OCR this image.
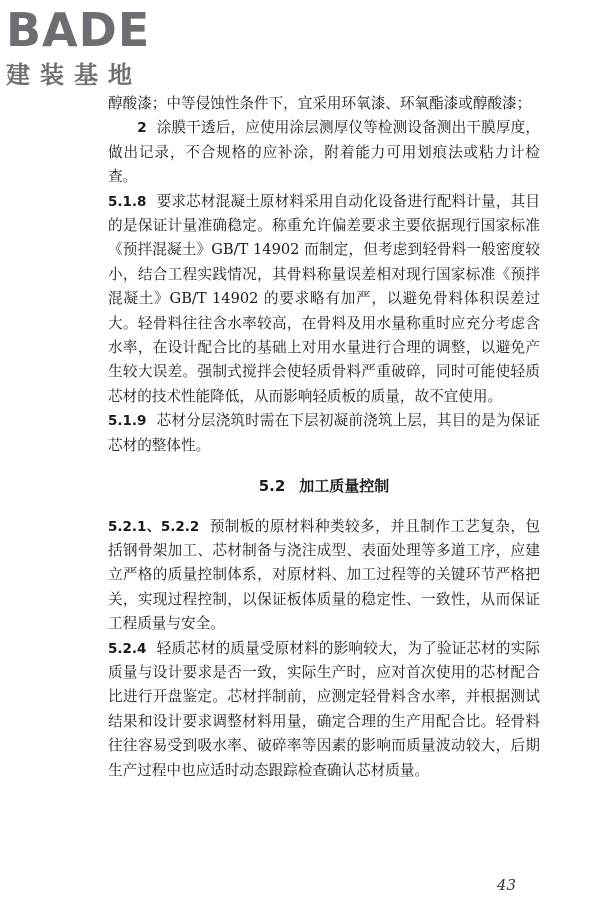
BADE
建装基地

醇酸漆；中等侵蚀性条件下，宜采用环氧漆、环氧酯漆或醇酸漆；

2 涂膜干透后，应使用涂层测厚仪等检测设备测出干膜厚度，做出记录，不合规格的应补涂，附着能力可用划痕法或粘力计检查。

5.1.8 要求芯材混凝土原材料采用自动化设备进行配料计量，其目的是保证计量准确稳定。称重允许偏差要求主要依据现行国家标准《预拌混凝土》GB/T 14902 而制定，但考虑到轻骨料一般密度较小，结合工程实践情况，其骨料称量误差相对现行国家标准《预拌混凝土》GB/T 14902 的要求略有加严，以避免骨料体积误差过大。轻骨料往往含水率较高，在骨料及用水量称重时应充分考虑含水率，在设计配合比的基础上对用水量进行合理的调整，以避免产生较大误差。强制式搅拌会使轻质骨料严重破碎，同时可能使轻质芯材的技术性能降低，从而影响轻质板的质量，故不宜使用。

5.1.9 芯材分层浇筑时需在下层初凝前浇筑上层，其目的是为保证芯材的整体性。

5.2 加工质量控制

5.2.1、5.2.2 预制板的原材料种类较多，并且制作工艺复杂，包括钢骨架加工、芯材制备与浇注成型、表面处理等多道工序，应建立严格的质量控制体系，对原材料、加工过程等的关键环节严格把关，实现过程控制，以保证板体质量的稳定性、一致性，从而保证工程质量与安全。

5.2.4 轻质芯材的质量受原材料的影响较大，为了验证芯材的实际质量与设计要求是否一致，实际生产时，应对首次使用的芯材配合比进行开盘鉴定。芯材拌制前，应测定轻骨料含水率，并根据测试结果和设计要求调整材料用量，确定合理的生产用配合比。轻骨料往往容易受到吸水率、破碎率等因素的影响而质量波动较大，后期生产过程中也应适时动态跟踪检查确认芯材质量。

43
